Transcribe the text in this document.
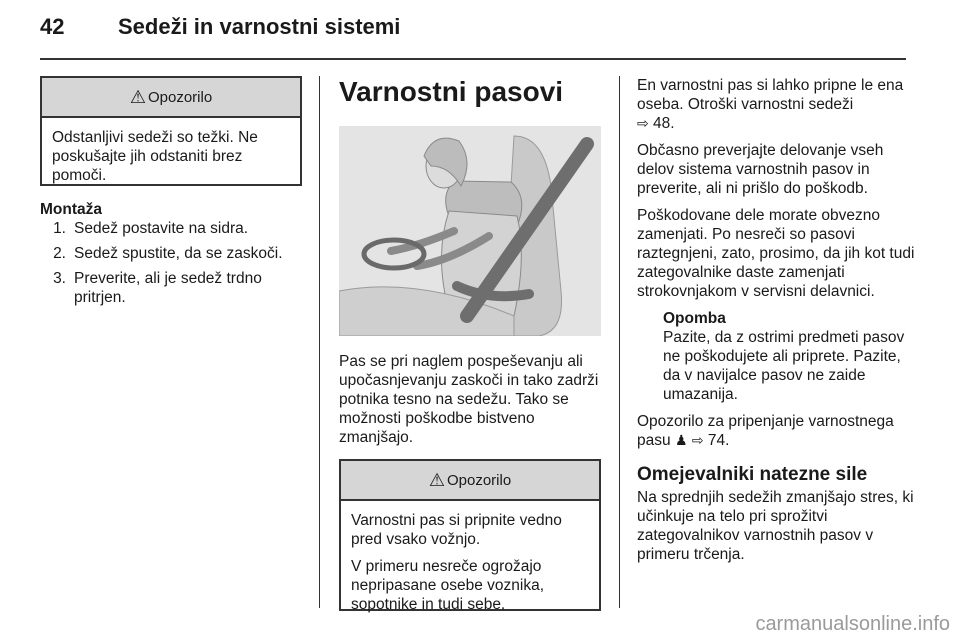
42 Sedeži in varnostni sistemi
⚠ Opozorilo

Odstanljivi sedeži so težki. Ne poskušajte jih odstaniti brez pomoči.

Montaža
1. Sedež postavite na sidra.
2. Sedež spustite, da se zaskoči.
3. Preverite, ali je sedež trdno pritrjen.
Varnostni pasovi

Pas se pri naglem pospeševanju ali upočasnjevanju zaskoči in tako zadrži potnika tesno na sedežu. Tako se možnosti poškodbe bistveno zmanjšajo.

⚠ Opozorilo

Varnostni pas si pripnite vedno pred vsako vožnjo.

V primeru nesreče ogrožajo nepripasane osebe voznika, sopotnike in tudi sebe.

En varnostni pas si lahko pripne le ena oseba. Otroški varnostni sedeži
⇨ 48.

Občasno preverjajte delovanje vseh delov sistema varnostnih pasov in preverite, ali ni prišlo do poškodb.

Poškodovane dele morate obvezno zamenjati. Po nesreči so pasovi raztegnjeni, zato, prosimo, da jih kot tudi zategovalnike daste zamenjati strokovnjakom v servisni delavnici.

Opomba
Pazite, da z ostrimi predmeti pasov ne poškodujete ali priprete. Pazite, da v navijalce pasov ne zaide umazanija.

Opozorilo za pripenjanje varnostnega pasu ♟ ⇨ 74.

Omejevalniki natezne sile

Na sprednjih sedežih zmanjšajo stres, ki učinkuje na telo pri sprožitvi zategovalnikov varnostnih pasov v primeru trčenja.

carmanualsonline.info
